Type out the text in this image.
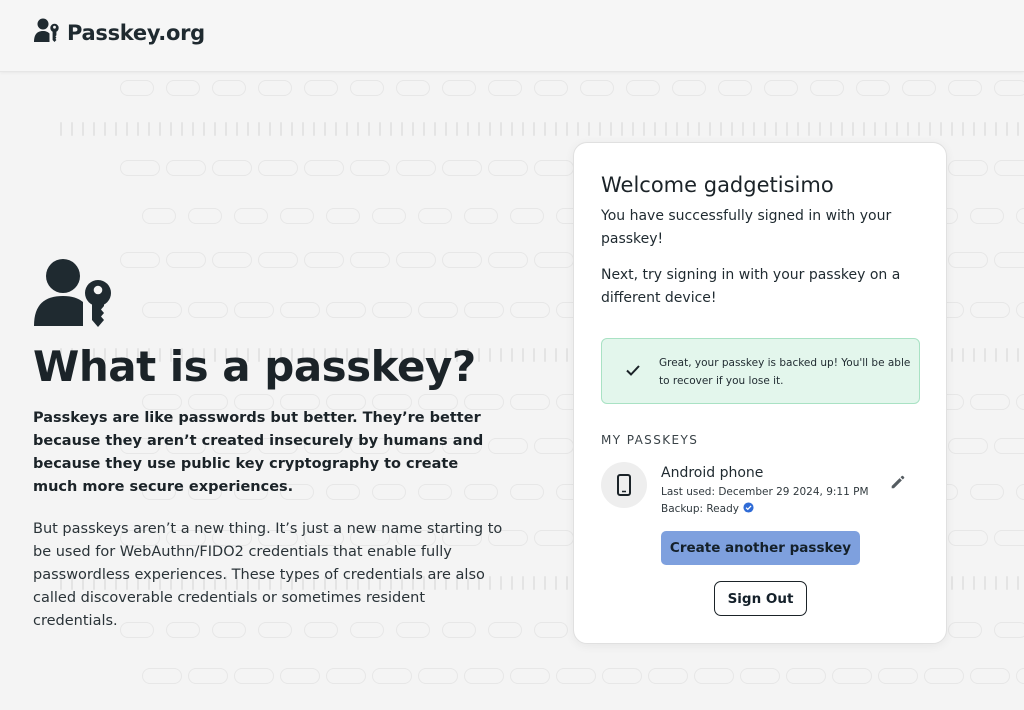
Passkey.org
What is a passkey?

Passkeys are like passwords but better. They’re better because they aren’t created insecurely by humans and because they use public key cryptography to create much more secure experiences.

But passkeys aren’t a new thing. It’s just a new name starting to be used for WebAuthn/FIDO2 credentials that enable fully passwordless experiences. These types of credentials are also called discoverable credentials or sometimes resident credentials.

Welcome gadgetisimo

You have successfully signed in with your passkey!

Next, try signing in with your passkey on a different device!

Great, your passkey is backed up! You'll be able to recover if you lose it.

MY PASSKEYS
Android phone
Last used: December 29 2024, 9:11 PM
Backup: Ready
Create another passkey
Sign Out
